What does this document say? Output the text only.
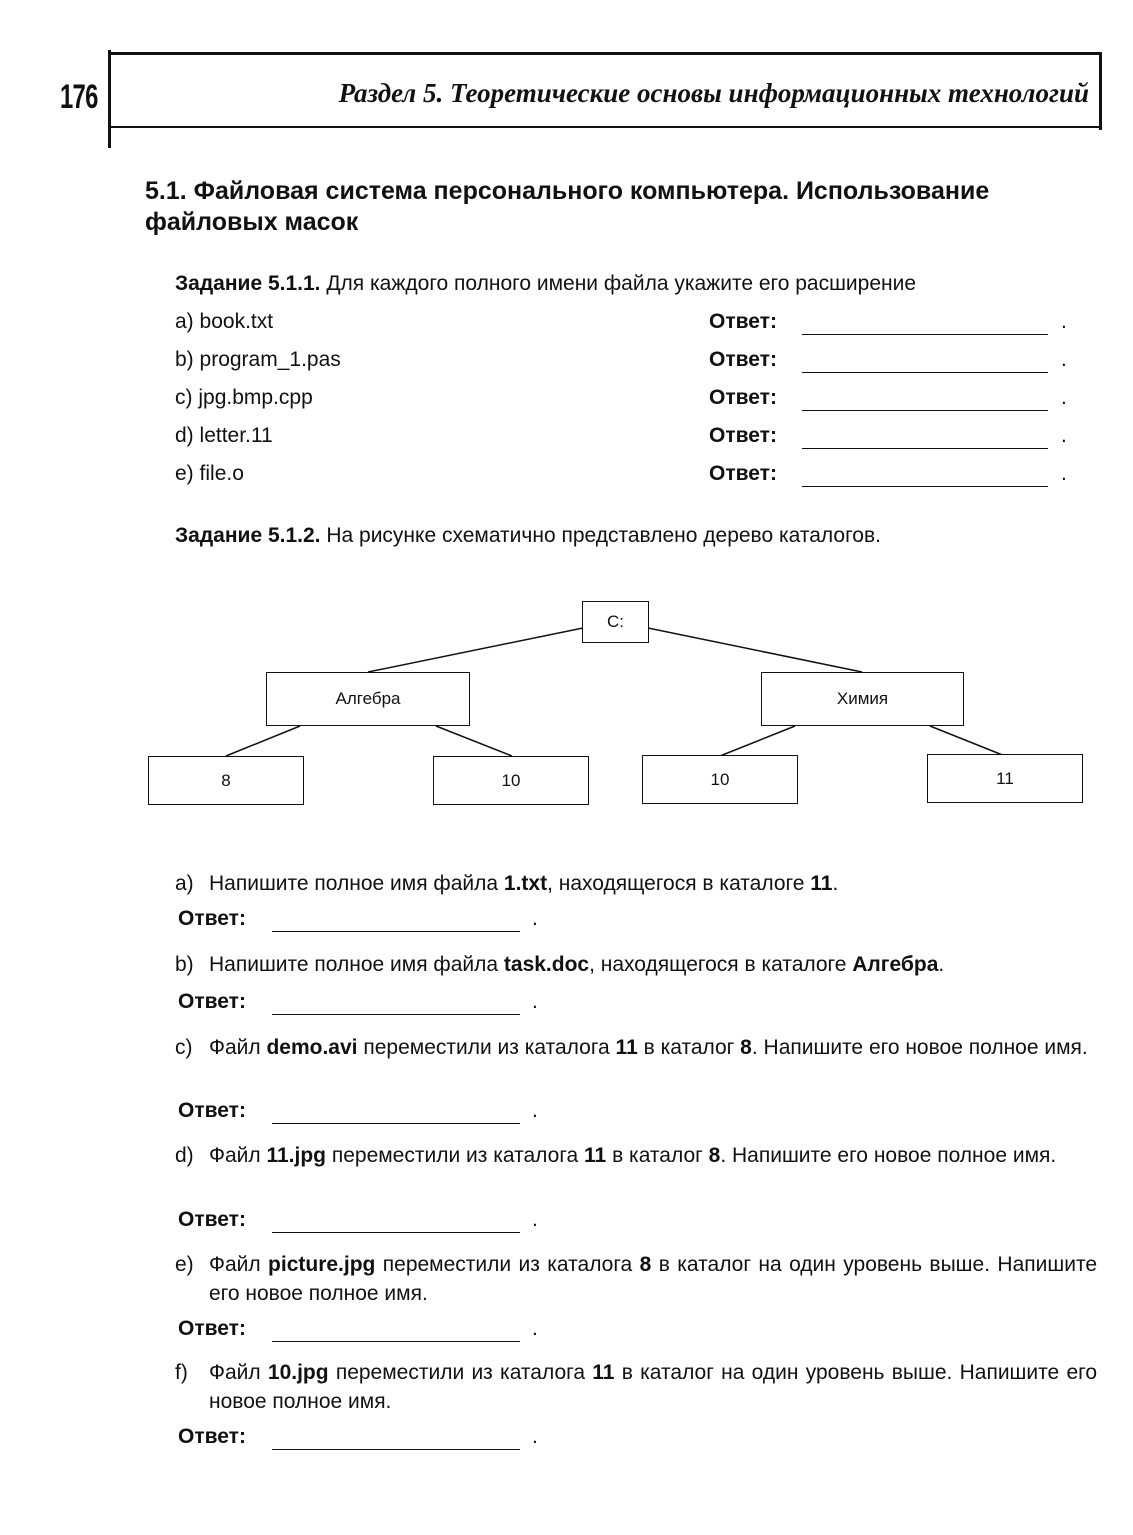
176	Раздел 5. Теоретические основы информационных технологий
5.1. Файловая система персонального компьютера. Использование файловых масок
Задание 5.1.1. Для каждого полного имени файла укажите его расширение
a) book.txt	Ответ:	.
b) program_1.pas	Ответ:	.
c) jpg.bmp.cpp	Ответ:	.
d) letter.11	Ответ:	.
e) file.o	Ответ:	.
Задание 5.1.2. На рисунке схематично представлено дерево каталогов.
C:
Алгебра	Химия
8	10	10	11
a) Напишите полное имя файла 1.txt, находящегося в каталоге 11.
Ответ:	.
b) Напишите полное имя файла task.doc, находящегося в каталоге Алгебра.
Ответ:	.
c) Файл demo.avi переместили из каталога 11 в каталог 8. Напишите его новое полное имя.
Ответ:	.
d) Файл 11.jpg переместили из каталога 11 в каталог 8. Напишите его новое полное имя.
Ответ:	.
e) Файл picture.jpg переместили из каталога 8 в каталог на один уровень выше. Напишите его новое полное имя.
Ответ:	.
f) Файл 10.jpg переместили из каталога 11 в каталог на один уровень выше. Напишите его новое полное имя.
Ответ:	.
